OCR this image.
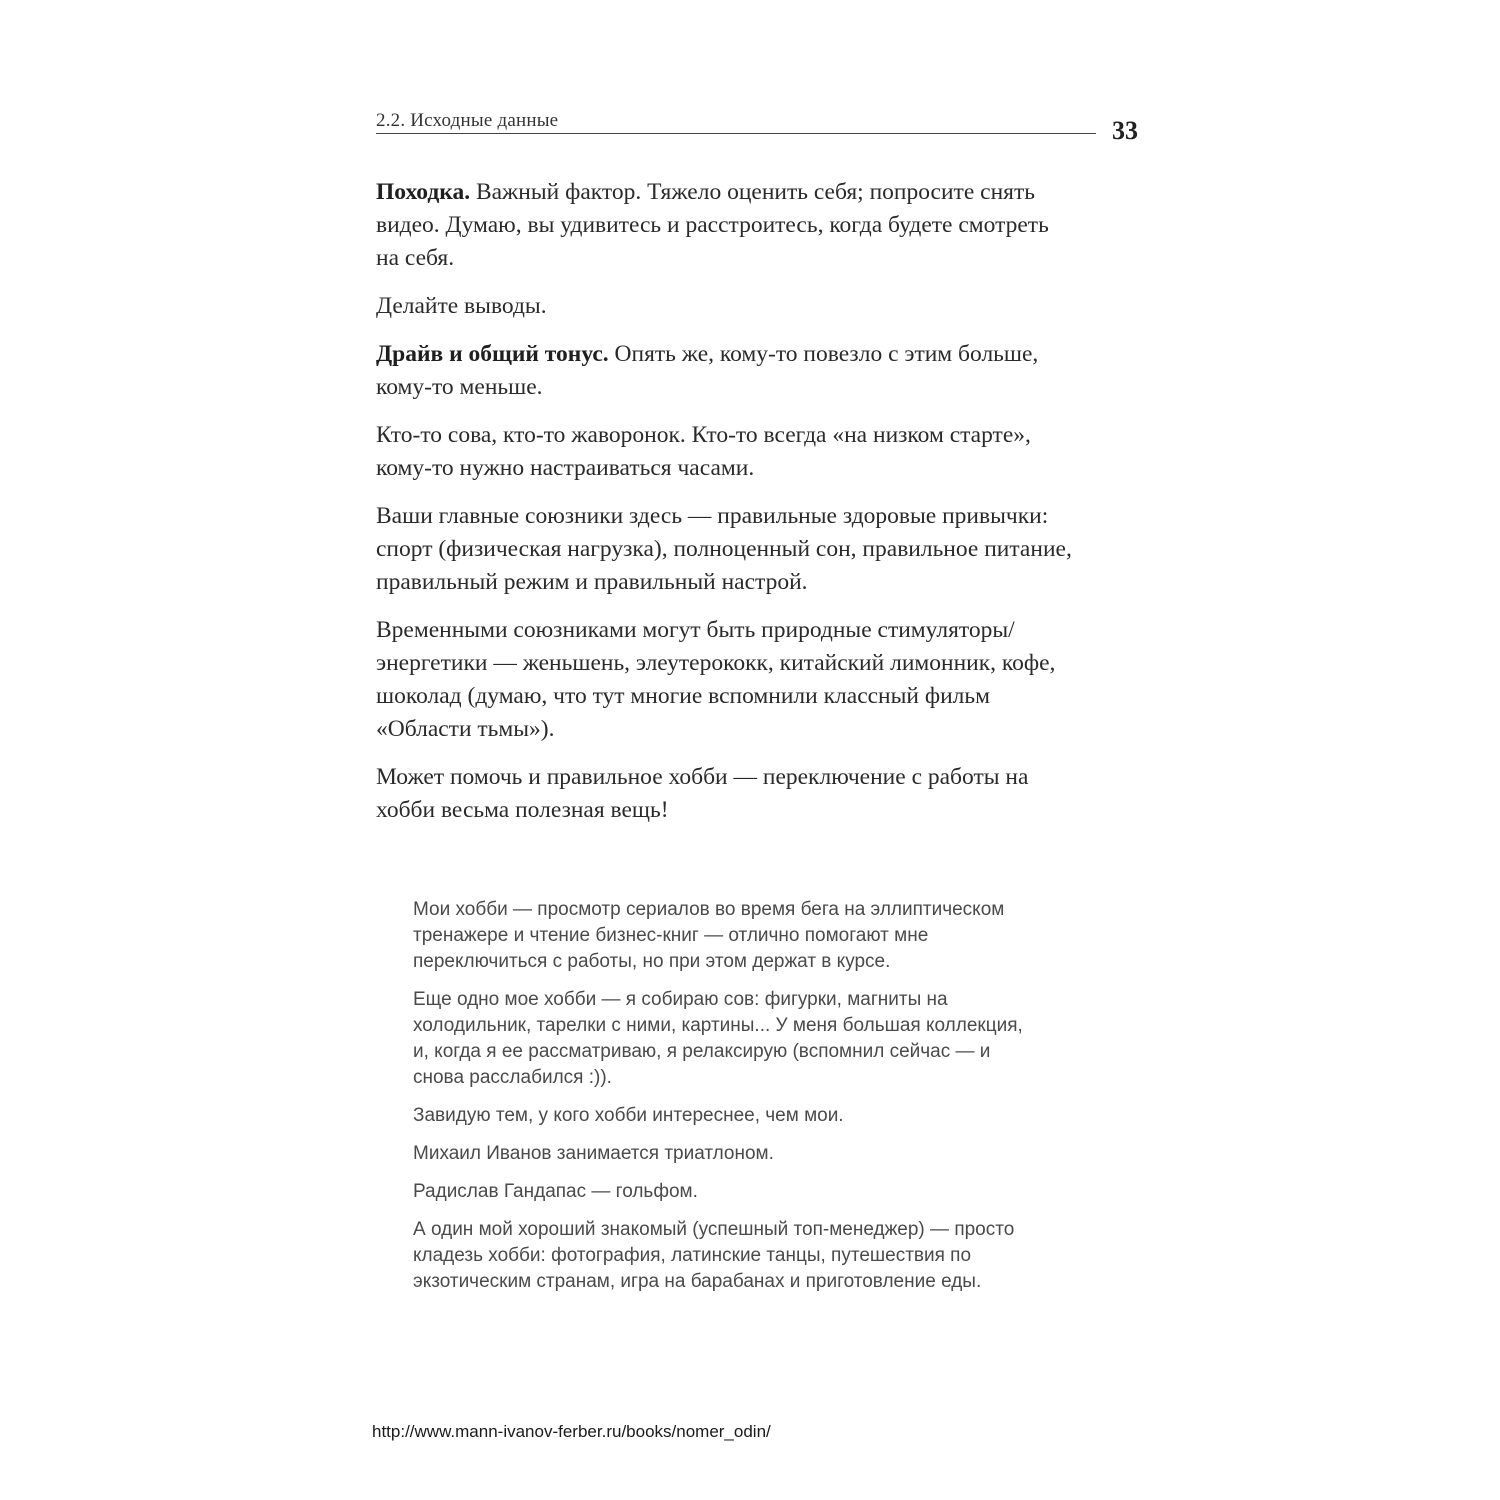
2.2. Исходные данные	33

Походка. Важный фактор. Тяжело оценить себя; попросите снять видео. Думаю, вы удивитесь и расстроитесь, когда будете смотреть на себя.

Делайте выводы.

Драйв и общий тонус. Опять же, кому-то повезло с этим больше, кому-то меньше.

Кто-то сова, кто-то жаворонок. Кто-то всегда «на низком старте», кому-то нужно настраиваться часами.

Ваши главные союзники здесь — правильные здоровые привычки: спорт (физическая нагрузка), полноценный сон, правильное питание, правильный режим и правильный настрой.

Временными союзниками могут быть природные стимуляторы/энергетики — женьшень, элеутерококк, китайский лимонник, кофе, шоколад (думаю, что тут многие вспомнили классный фильм «Области тьмы»).

Может помочь и правильное хобби — переключение с работы на хобби весьма полезная вещь!

Мои хобби — просмотр сериалов во время бега на эллиптическом тренажере и чтение бизнес-книг — отлично помогают мне переключиться с работы, но при этом держат в курсе.

Еще одно мое хобби — я собираю сов: фигурки, магниты на холодильник, тарелки с ними, картины... У меня большая коллекция, и, когда я ее рассматриваю, я релаксирую (вспомнил сейчас — и снова расслабился :)).

Завидую тем, у кого хобби интереснее, чем мои.

Михаил Иванов занимается триатлоном.

Радислав Гандапас — гольфом.

А один мой хороший знакомый (успешный топ-менеджер) — просто кладезь хобби: фотография, латинские танцы, путешествия по экзотическим странам, игра на барабанах и приготовление еды.

http://www.mann-ivanov-ferber.ru/books/nomer_odin/
